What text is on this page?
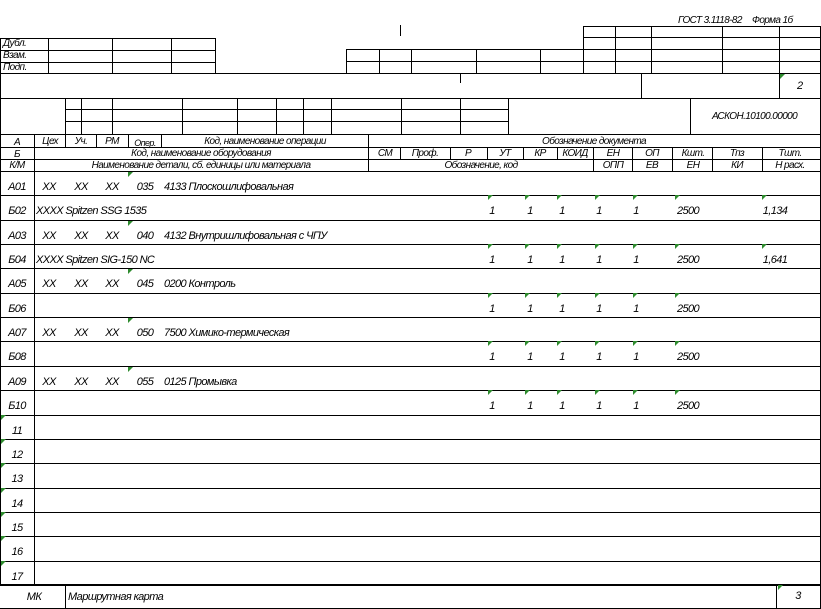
ГОСТ 3.1118-82 Форма 1б
2
АСКОН.10100.00000
Дубл.
Взам.
Подп.
А Цех Уч. РМ Опер.	Код, наименование операции	Обозначение документа
Б	Код, наименование оборудования	СМ Проф.	Р	УТ КР КОИД ЕН	ОП Кшт.	Тпз	Тшт.
К/М	Наименование детали, сб. единицы или материала	Обозначение, код	ОПП ЕВ	ЕН	КИ	Н расх.
МК Маршрутная карта	3
А01 ХХ ХХ ХХ 035 4133 Плоскошлифовальная
Б02 ХХХХ Spitzen SSG 1535	1	1 1	1	1	2500	1,134
А03 ХХ ХХ ХХ 040 4132 Внутришлифовальная с ЧПУ
Б04 ХХХХ Spitzen SIG-150 NC	1	1 1	1	1	2500	1,641
А05 ХХ ХХ ХХ 045 0200 Контроль
Б06	1	1 1	1	1	2500
А07 ХХ ХХ ХХ 050 7500 Химико-термическая
Б08	1	1 1	1	1	2500
А09 ХХ ХХ ХХ 055 0125 Промывка
Б10	1	1 1	1	1	2500
11
12
13
14
15
16
17
